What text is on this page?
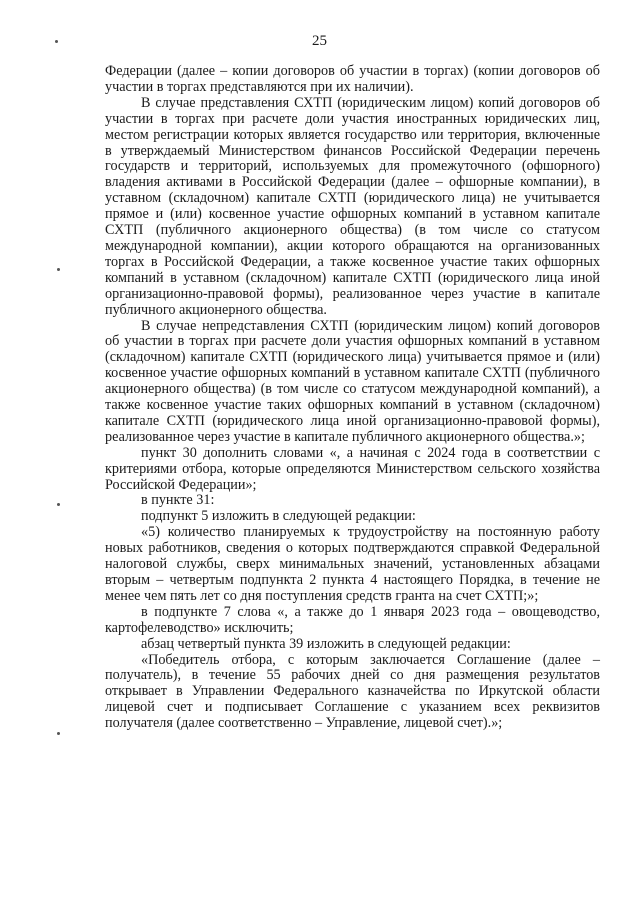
25

Федерации (далее – копии договоров об участии в торгах) (копии договоров об участии в торгах представляются при их наличии).

В случае представления СХТП (юридическим лицом) копий договоров об участии в торгах при расчете доли участия иностранных юридических лиц, местом регистрации которых является государство или территория, включенные в утверждаемый Министерством финансов Российской Федерации перечень государств и территорий, используемых для промежуточного (офшорного) владения активами в Российской Федерации (далее – офшорные компании), в уставном (складочном) капитале СХТП (юридического лица) не учитывается прямое и (или) косвенное участие офшорных компаний в уставном капитале СХТП (публичного акционерного общества) (в том числе со статусом международной компании), акции которого обращаются на организованных торгах в Российской Федерации, а также косвенное участие таких офшорных компаний в уставном (складочном) капитале СХТП (юридического лица иной организационно-правовой формы), реализованное через участие в капитале публичного акционерного общества.

В случае непредставления СХТП (юридическим лицом) копий договоров об участии в торгах при расчете доли участия офшорных компаний в уставном (складочном) капитале СХТП (юридического лица) учитывается прямое и (или) косвенное участие офшорных компаний в уставном капитале СХТП (публичного акционерного общества) (в том числе со статусом международной компаний), а также косвенное участие таких офшорных компаний в уставном (складочном) капитале СХТП (юридического лица иной организационно-правовой формы), реализованное через участие в капитале публичного акционерного общества.»;

пункт 30 дополнить словами «, а начиная с 2024 года в соответствии с критериями отбора, которые определяются Министерством сельского хозяйства Российской Федерации»;

в пункте 31:

подпункт 5 изложить в следующей редакции:

«5) количество планируемых к трудоустройству на постоянную работу новых работников, сведения о которых подтверждаются справкой Федеральной налоговой службы, сверх минимальных значений, установленных абзацами вторым – четвертым подпункта 2 пункта 4 настоящего Порядка, в течение не менее чем пять лет со дня поступления средств гранта на счет СХТП;»;

в подпункте 7 слова «, а также до 1 января 2023 года – овощеводство, картофелеводство» исключить;

абзац четвертый пункта 39 изложить в следующей редакции:

«Победитель отбора, с которым заключается Соглашение (далее – получатель), в течение 55 рабочих дней со дня размещения результатов открывает в Управлении Федерального казначейства по Иркутской области лицевой счет и подписывает Соглашение с указанием всех реквизитов получателя (далее соответственно – Управление, лицевой счет).»;
